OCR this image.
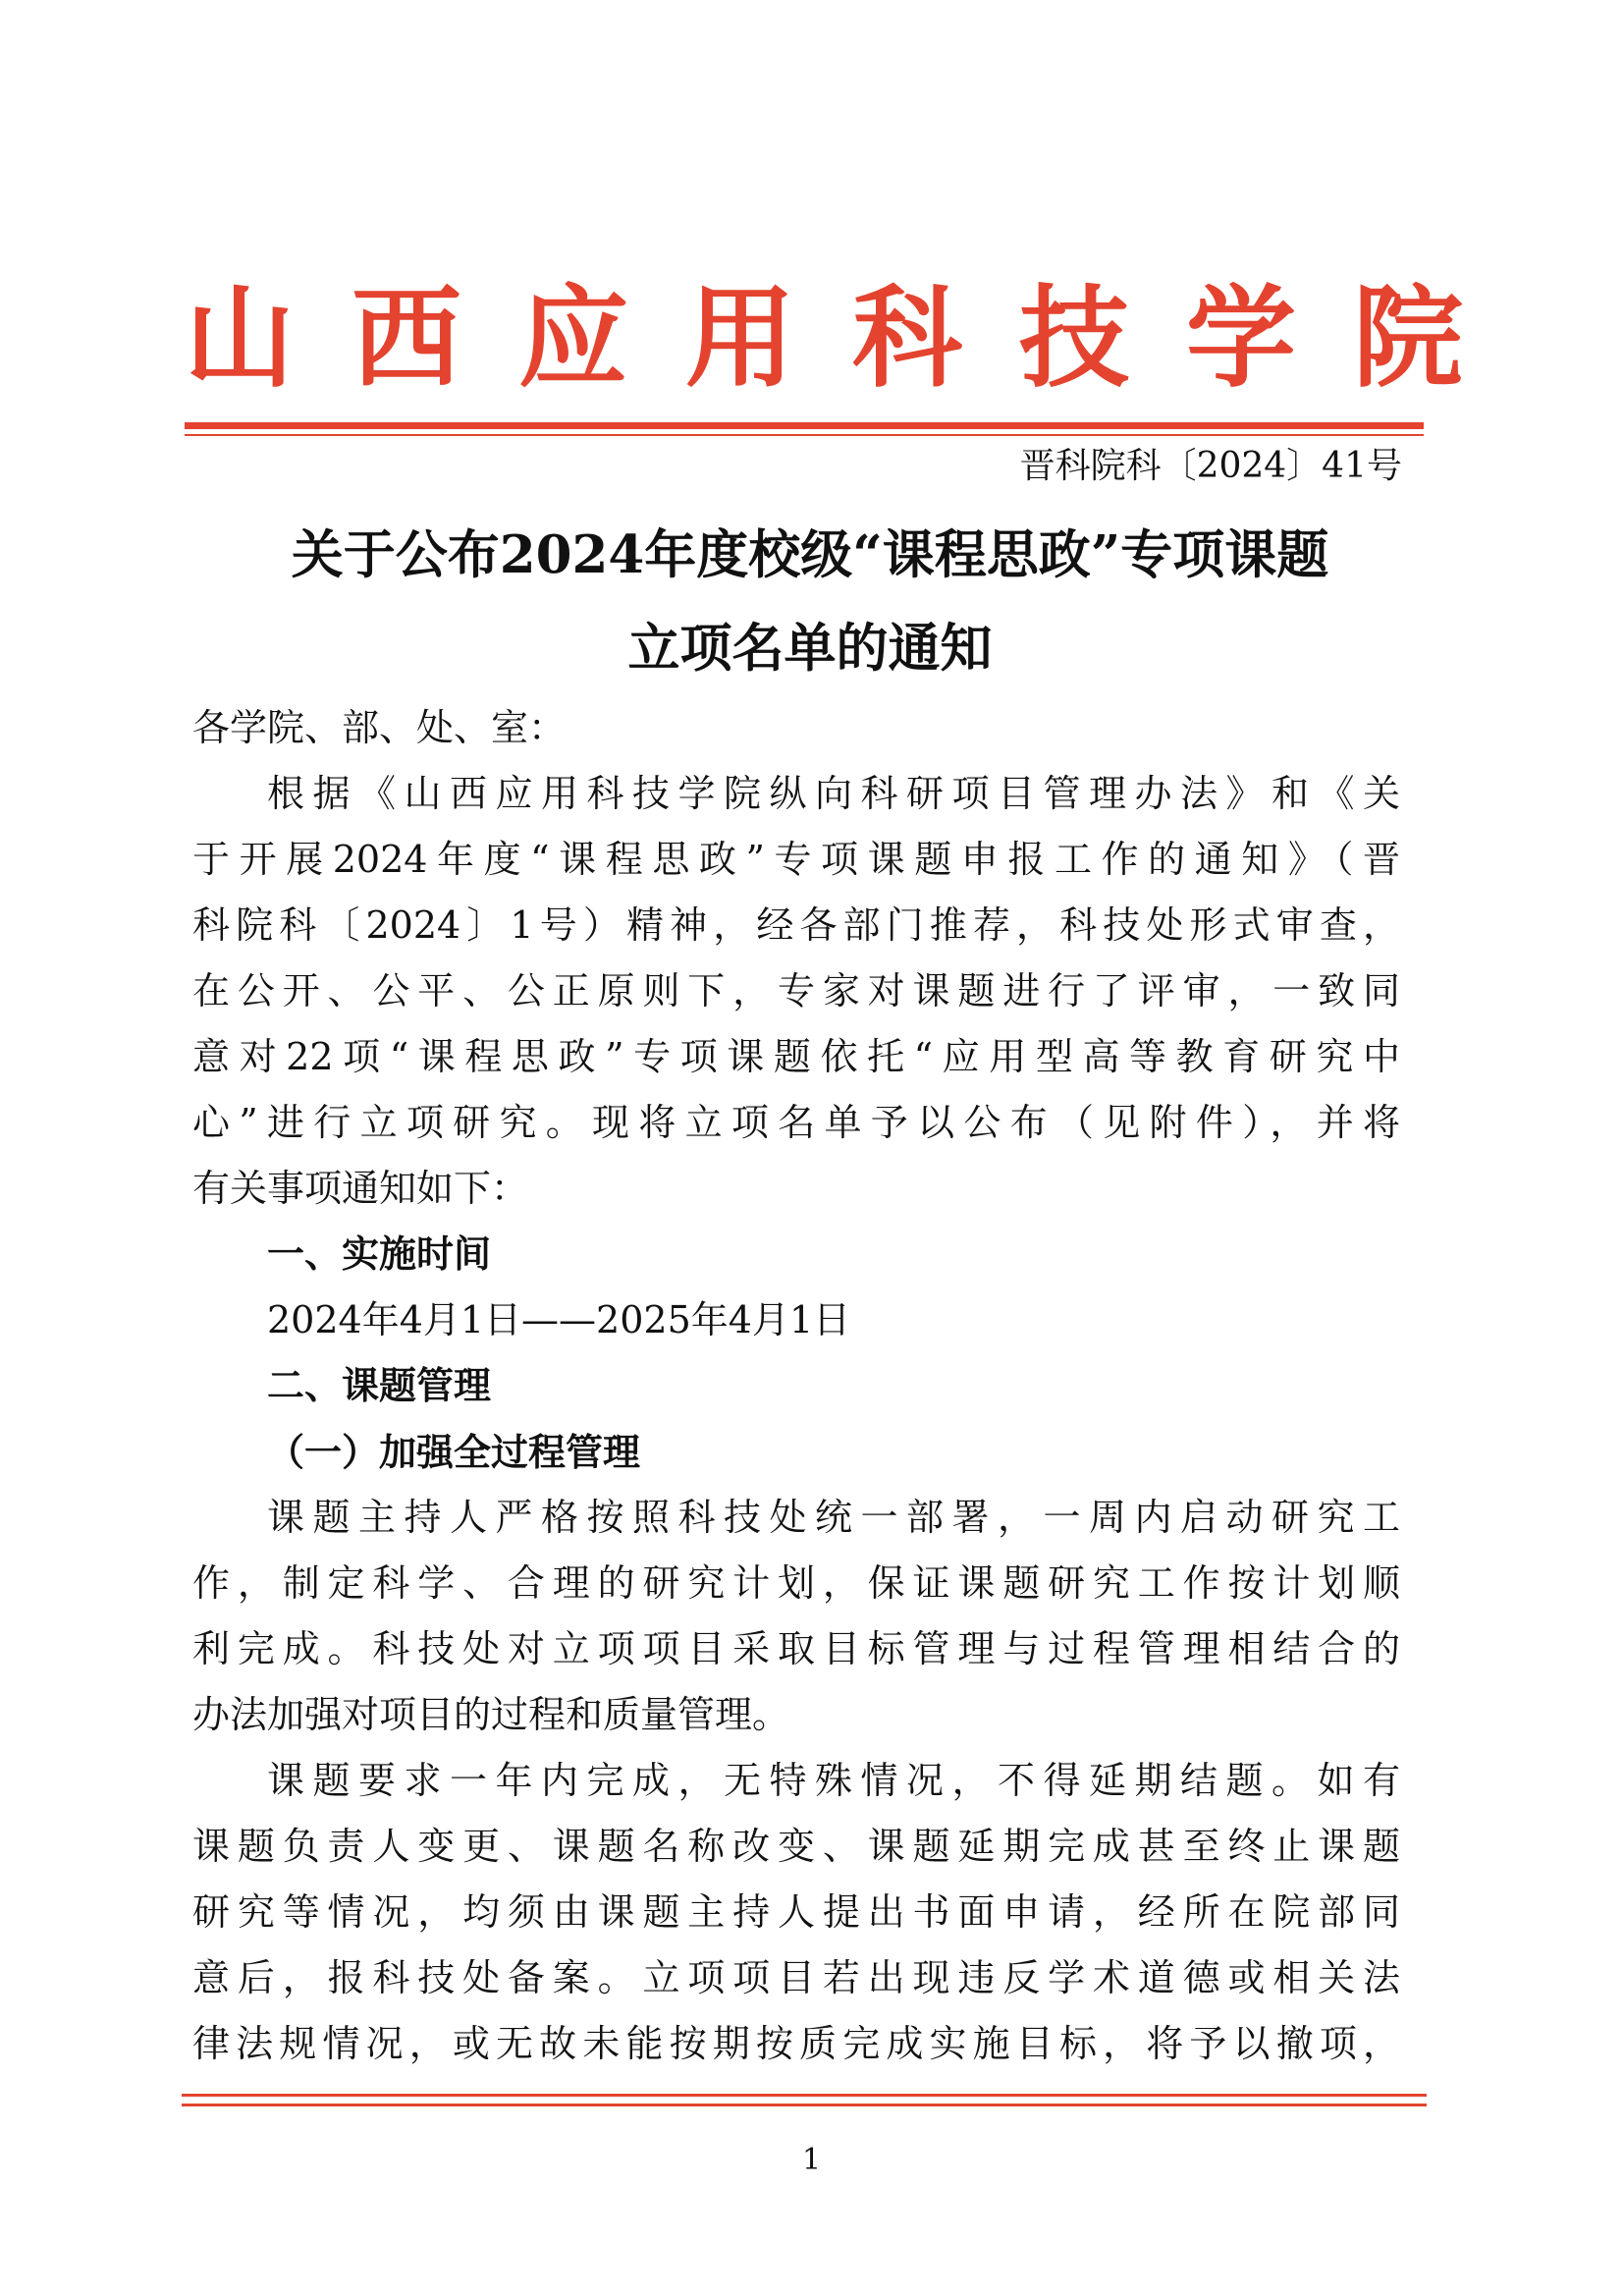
山西应用科技学院
晋科院科〔2024〕41号
关于公布2024年度校级“课程思政”专项课题
立项名单的通知
各学院、部、处、室：
根据《山西应用科技学院纵向科研项目管理办法》和《关
于开展2024年度“课程思政”专项课题申报工作的通知》（晋
科院科〔2024〕1号）精神，经各部门推荐，科技处形式审查，
在公开、公平、公正原则下，专家对课题进行了评审，一致同
意对22项“课程思政”专项课题依托“应用型高等教育研究中
心”进行立项研究。现将立项名单予以公布（见附件），并将
有关事项通知如下：
一、实施时间
2024年4月1日——2025年4月1日
二、课题管理
（一）加强全过程管理
课题主持人严格按照科技处统一部署，一周内启动研究工
作，制定科学、合理的研究计划，保证课题研究工作按计划顺
利完成。科技处对立项项目采取目标管理与过程管理相结合的
办法加强对项目的过程和质量管理。
课题要求一年内完成，无特殊情况，不得延期结题。如有
课题负责人变更、课题名称改变、课题延期完成甚至终止课题
研究等情况，均须由课题主持人提出书面申请，经所在院部同
意后，报科技处备案。立项项目若出现违反学术道德或相关法
律法规情况，或无故未能按期按质完成实施目标，将予以撤项，
1
